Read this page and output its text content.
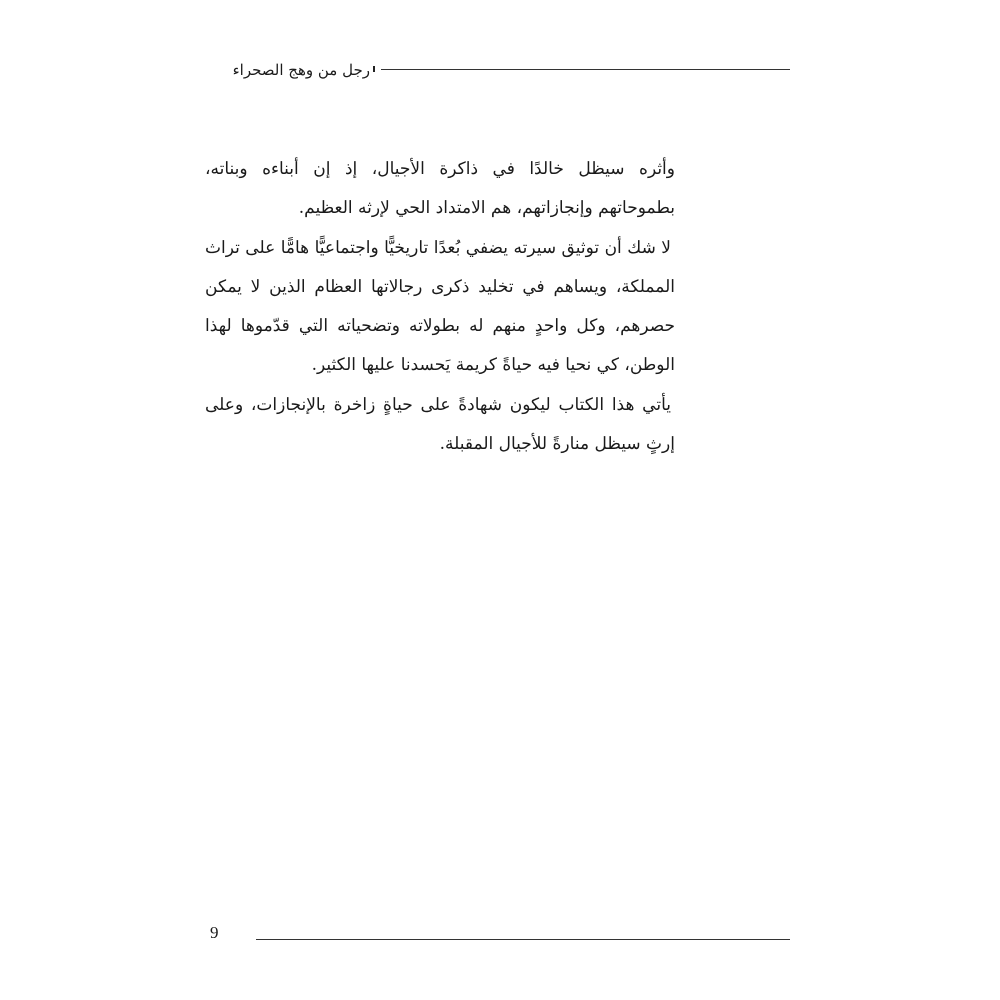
رجل من وهج الصحراء

وأثره سيظل خالدًا في ذاكرة الأجيال، إذ إن أبناءه وبناته، بطموحاتهم وإنجازاتهم، هم الامتداد الحي لإرثه العظيم.

لا شك أن توثيق سيرته يضفي بُعدًا تاريخيًّا واجتماعيًّا هامًّا على تراث المملكة، ويساهم في تخليد ذكرى رجالاتها العظام الذين لا يمكن حصرهم، وكل واحدٍ منهم له بطولاته وتضحياته التي قدّموها لهذا الوطن، كي نحيا فيه حياةً كريمة يَحسدنا عليها الكثير.

يأتي هذا الكتاب ليكون شهادةً على حياةٍ زاخرة بالإنجازات، وعلى إرثٍ سيظل منارةً للأجيال المقبلة.

9
